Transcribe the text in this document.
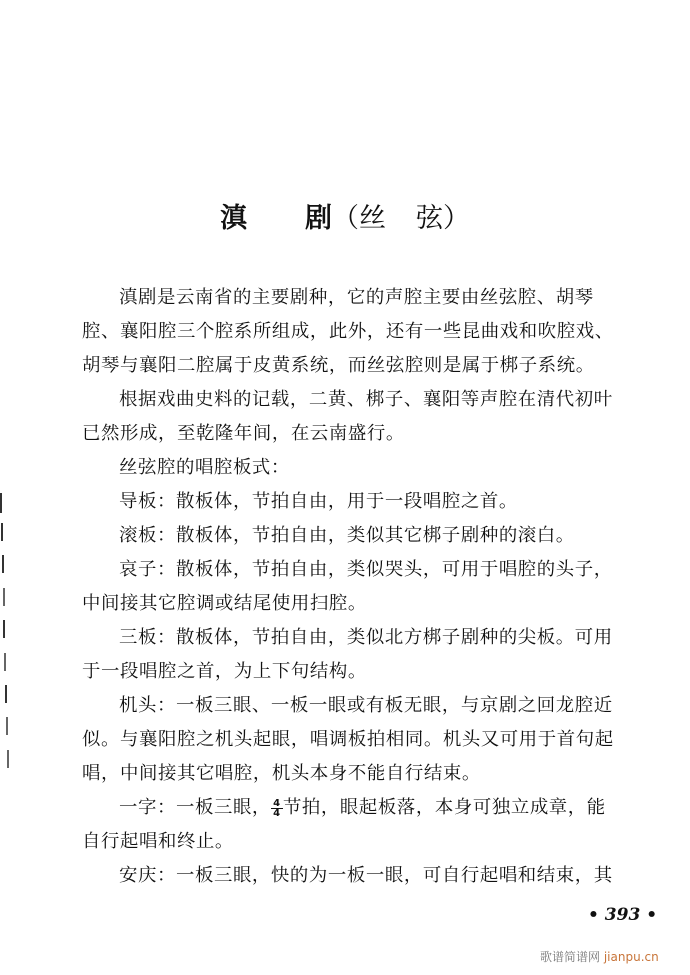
滇 剧（丝 弦）
滇剧是云南省的主要剧种，它的声腔主要由丝弦腔、胡琴
腔、襄阳腔三个腔系所组成，此外，还有一些昆曲戏和吹腔戏、
胡琴与襄阳二腔属于皮黄系统，而丝弦腔则是属于梆子系统。
根据戏曲史料的记载，二黄、梆子、襄阳等声腔在清代初叶
已然形成，至乾隆年间，在云南盛行。
丝弦腔的唱腔板式：
导板：散板体，节拍自由，用于一段唱腔之首。
滚板：散板体，节拍自由，类似其它梆子剧种的滚白。
哀子：散板体，节拍自由，类似哭头，可用于唱腔的头子，
中间接其它腔调或结尾使用扫腔。
三板：散板体，节拍自由，类似北方梆子剧种的尖板。可用
于一段唱腔之首，为上下句结构。
机头：一板三眼、一板一眼或有板无眼，与京剧之回龙腔近
似。与襄阳腔之机头起眼，唱调板拍相同。机头又可用于首句起
唱，中间接其它唱腔，机头本身不能自行结束。
一字：一板三眼， $\frac{4}{4}$节拍，眼起板落，本身可独立成章，能
自行起唱和终止。
安庆：一板三眼，快的为一板一眼，可自行起唱和结束，其
• 393 •
歌谱简谱网 jianpu.cn
